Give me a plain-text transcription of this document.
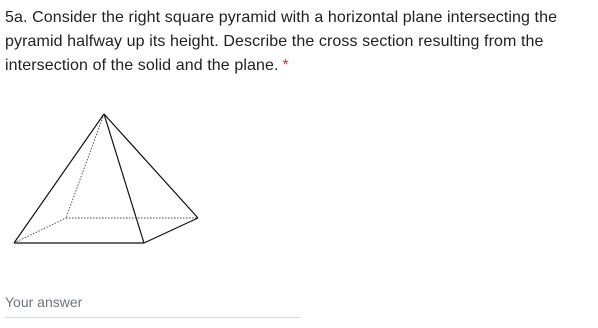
5a. Consider the right square pyramid with a horizontal plane intersecting the pyramid halfway up its height. Describe the cross section resulting from the intersection of the solid and the plane. *
Your answer
